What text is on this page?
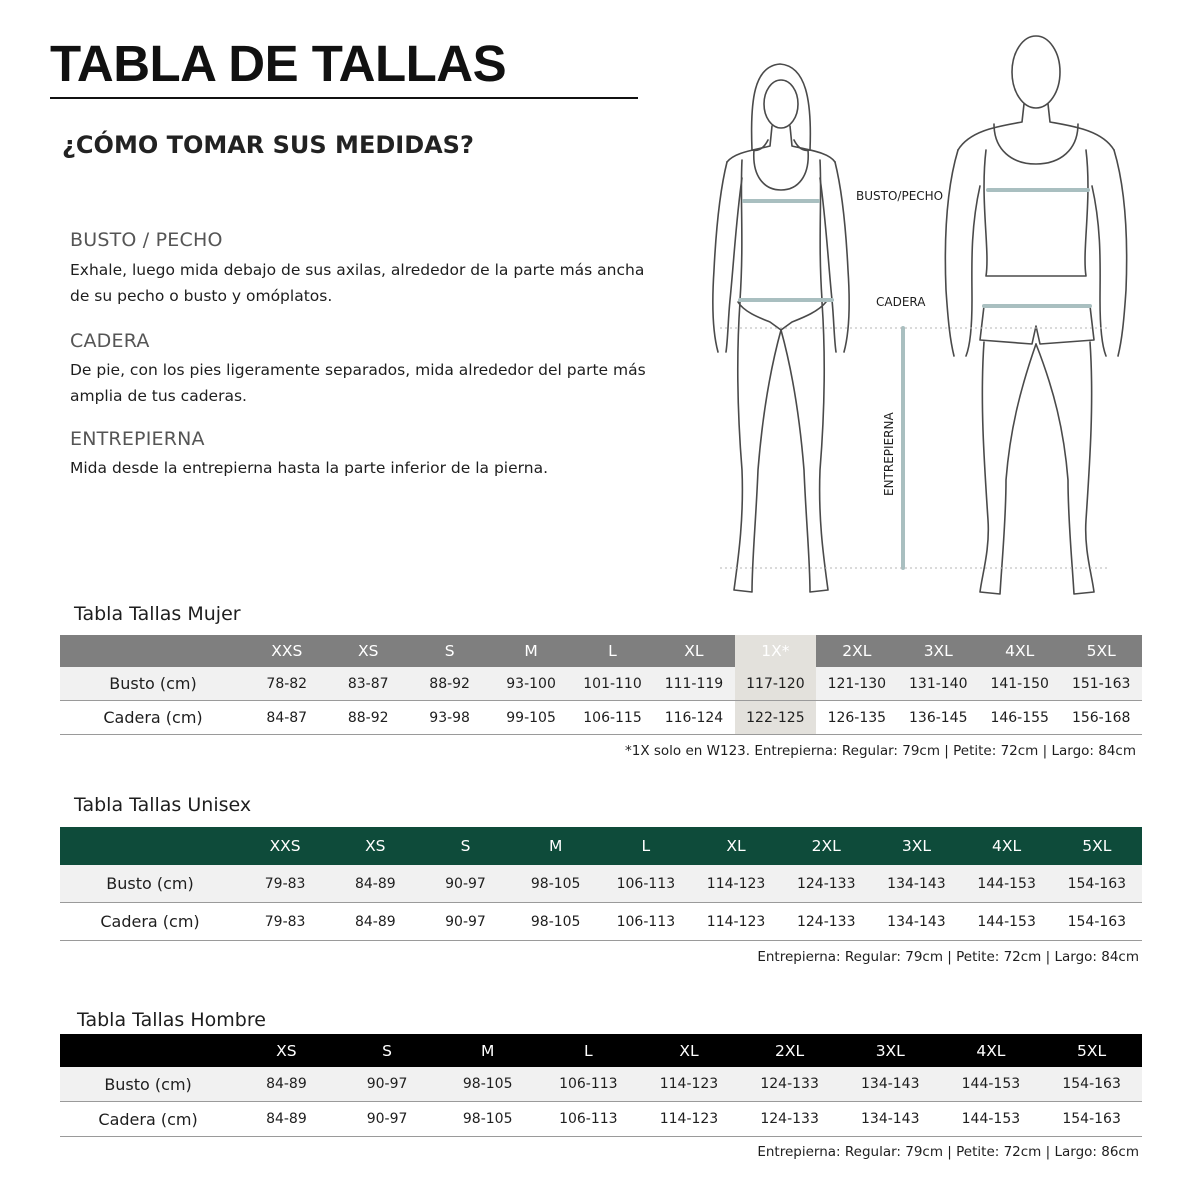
TABLA DE TALLAS
¿CÓMO TOMAR SUS MEDIDAS?
BUSTO / PECHO

Exhale, luego mida debajo de sus axilas, alrededor de la parte más ancha de su pecho o busto y omóplatos.

CADERA

De pie, con los pies ligeramente separados, mida alrededor del parte más amplia de tus caderas.

ENTREPIERNA

Mida desde la entrepierna hasta la parte inferior de la pierna.

BUSTO/PECHO
CADERA
ENTREPIERNA
Tabla Tallas Mujer
	XXS	XS	S	M	L	XL	1X*	2XL	3XL	4XL	5XL
Busto (cm)	78-82	83-87	88-92	93-100	101-110	111-119	117-120	121-130	131-140	141-150	151-163
Cadera (cm)	84-87	88-92	93-98	99-105	106-115	116-124	122-125	126-135	136-145	146-155	156-168

*1X solo en W123. Entrepierna: Regular: 79cm | Petite: 72cm | Largo: 84cm

Tabla Tallas Unisex
	XXS	XS	S	M	L	XL	2XL	3XL	4XL	5XL
Busto (cm)	79-83	84-89	90-97	98-105	106-113	114-123	124-133	134-143	144-153	154-163
Cadera (cm)	79-83	84-89	90-97	98-105	106-113	114-123	124-133	134-143	144-153	154-163

Entrepierna: Regular: 79cm | Petite: 72cm | Largo: 84cm

Tabla Tallas Hombre
	XS	S	M	L	XL	2XL	3XL	4XL	5XL
Busto (cm)	84-89	90-97	98-105	106-113	114-123	124-133	134-143	144-153	154-163
Cadera (cm)	84-89	90-97	98-105	106-113	114-123	124-133	134-143	144-153	154-163

Entrepierna: Regular: 79cm | Petite: 72cm | Largo: 86cm
